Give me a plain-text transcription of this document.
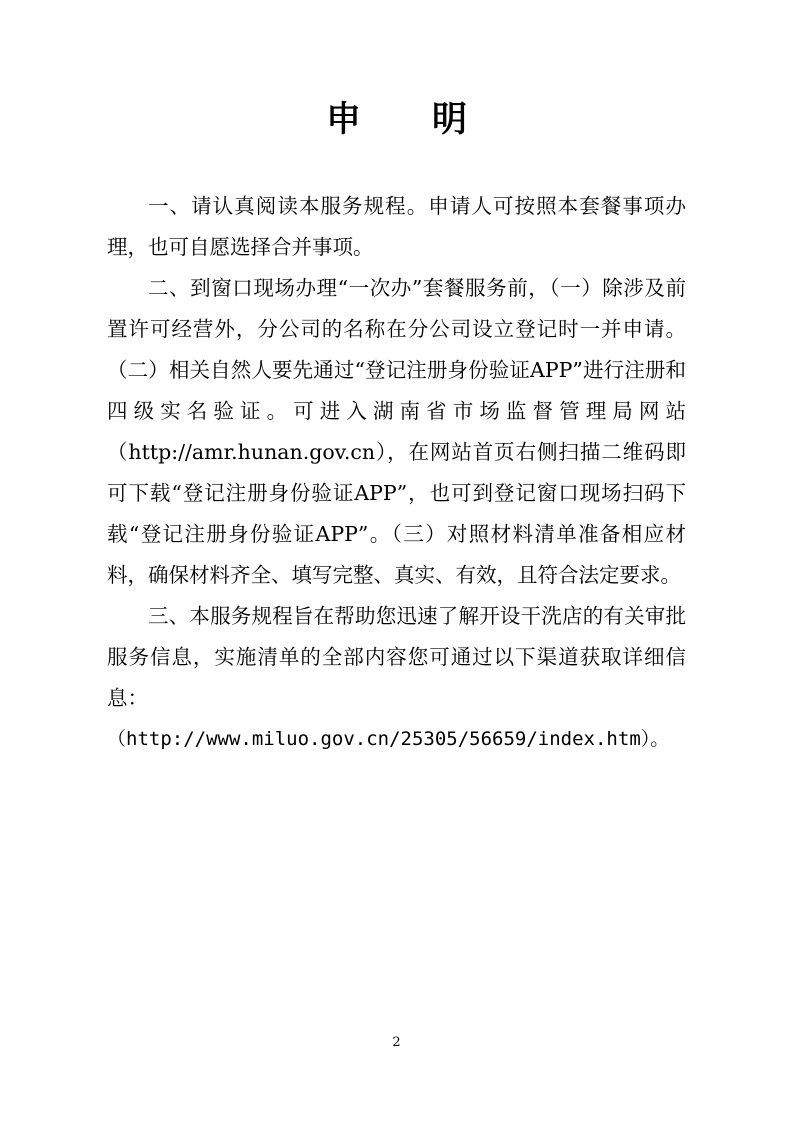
申　明

一、请认真阅读本服务规程。申请人可按照本套餐事项办理，也可自愿选择合并事项。

二、到窗口现场办理“一次办”套餐服务前，（一）除涉及前置许可经营外，分公司的名称在分公司设立登记时一并申请。（二）相关自然人要先通过“登记注册身份验证APP”进行注册和四级实名验证。可进入湖南省市场监督管理局网站（http://amr.hunan.gov.cn），在网站首页右侧扫描二维码即可下载“登记注册身份验证APP”，也可到登记窗口现场扫码下载“登记注册身份验证APP”。（三）对照材料清单准备相应材料，确保材料齐全、填写完整、真实、有效，且符合法定要求。

三、本服务规程旨在帮助您迅速了解开设干洗店的有关审批服务信息，实施清单的全部内容您可通过以下渠道获取详细信息：

（http://www.miluo.gov.cn/25305/56659/index.htm）。

2
